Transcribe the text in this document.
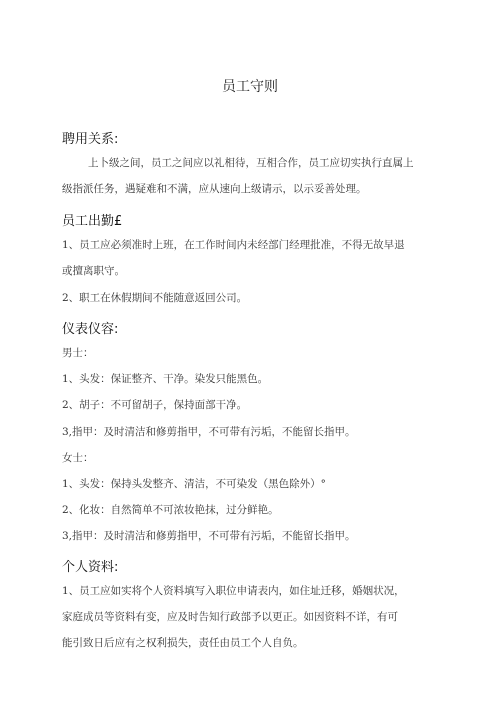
员工守则
聘用关系:
上卜级之间，员工之间应以礼相待，互相合作，员工应切实执行直属上
级指派任务，遇疑难和不满，应从速向上级请示，以示妥善处理。
员工出勤£
1、员工应必须准时上班，在工作时间内未经部门经理批准，不得无故早退
或擅离职守。
2、职工在休假期间不能随意返回公司。
仪表仪容:
男士：
1、头发：保证整齐、干净。染发只能黑色。
2、胡子：不可留胡子，保持面部干净。
3,指甲：及时清洁和修剪指甲，不可带有污垢，不能留长指甲。
女士：
1、头发：保持头发整齐、清洁，不可染发（黑色除外）°
2、化妆：自然简单不可浓妆艳抹，过分鲜艳。
3,指甲：及时清洁和修剪指甲，不可带有污垢，不能留长指甲。
个人资料:
1、员工应如实将个人资料填写入职位申请表内，如住址迁移，婚姻状况，
家庭成员等资料有变，应及时告知行政部予以更正。如因资料不详，有可
能引致日后应有之权利损失，责任由员工个人自负。
